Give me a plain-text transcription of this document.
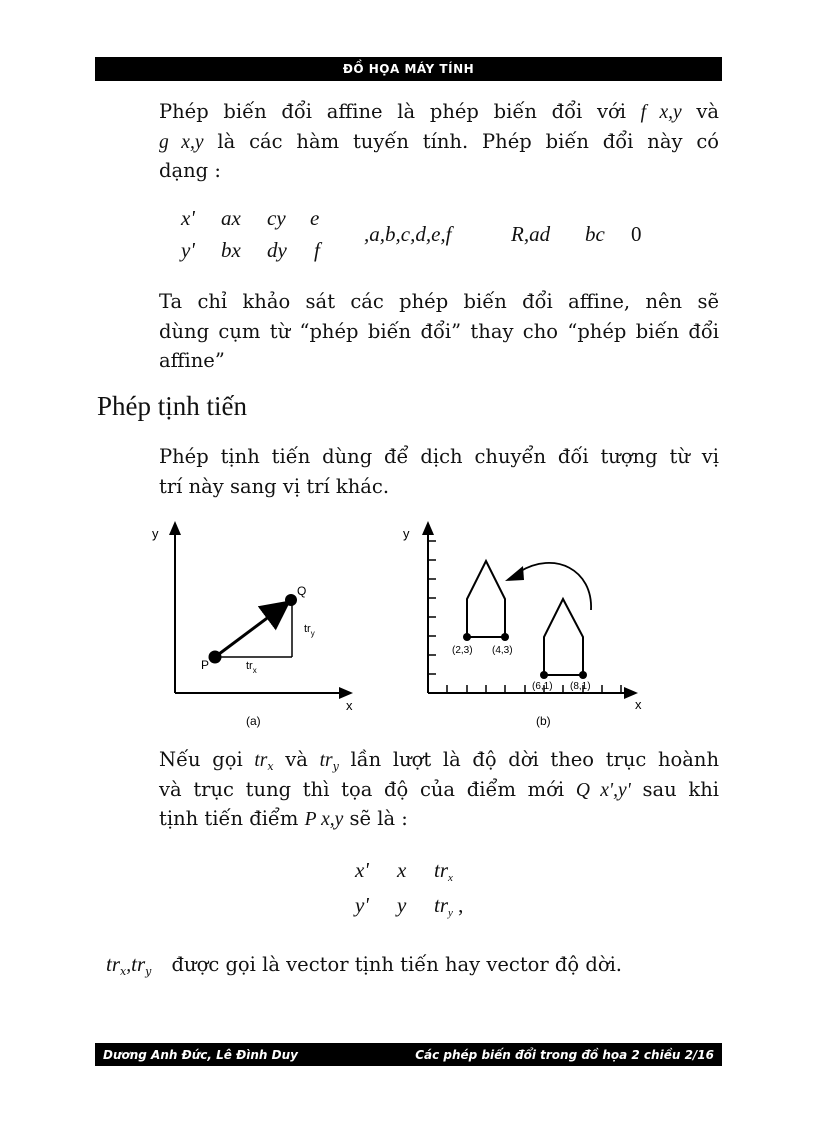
ĐỒ HỌA MÁY TÍNH
Phép biến đổi affine là phép biến đổi với f x,y và
g x,y là các hàm tuyến tính. Phép biến đổi này có
dạng :
x' ax cy e
y' bx dy f
,a,b,c,d,e,f	R,ad bc 0
Ta chỉ khảo sát các phép biến đổi affine, nên sẽ
dùng cụm từ “phép biến đổi” thay cho “phép biến đổi
affine”
Phép tịnh tiến
Phép tịnh tiến dùng để dịch chuyển đối tượng từ vị
trí này sang vị trí khác.
y
x
P
Q
$tr_x$
$tr_y$
(a)
y
x
(2,3) (4,3)
(6,1) (8,1)
(b)
Nếu gọi $tr_x$ và $tr_y$ lần lượt là độ dời theo trục hoành
và trục tung thì tọa độ của điểm mới Q x',y' sau khi
tịnh tiến điểm P x,y sẽ là :
x' x $tr_x$
y' y $tr_y$ ,
$tr_x,tr_y$ được gọi là vector tịnh tiến hay vector độ dời.
Dương Anh Đức, Lê Đình Duy	Các phép biến đổi trong đồ họa 2 chiều 2/16
